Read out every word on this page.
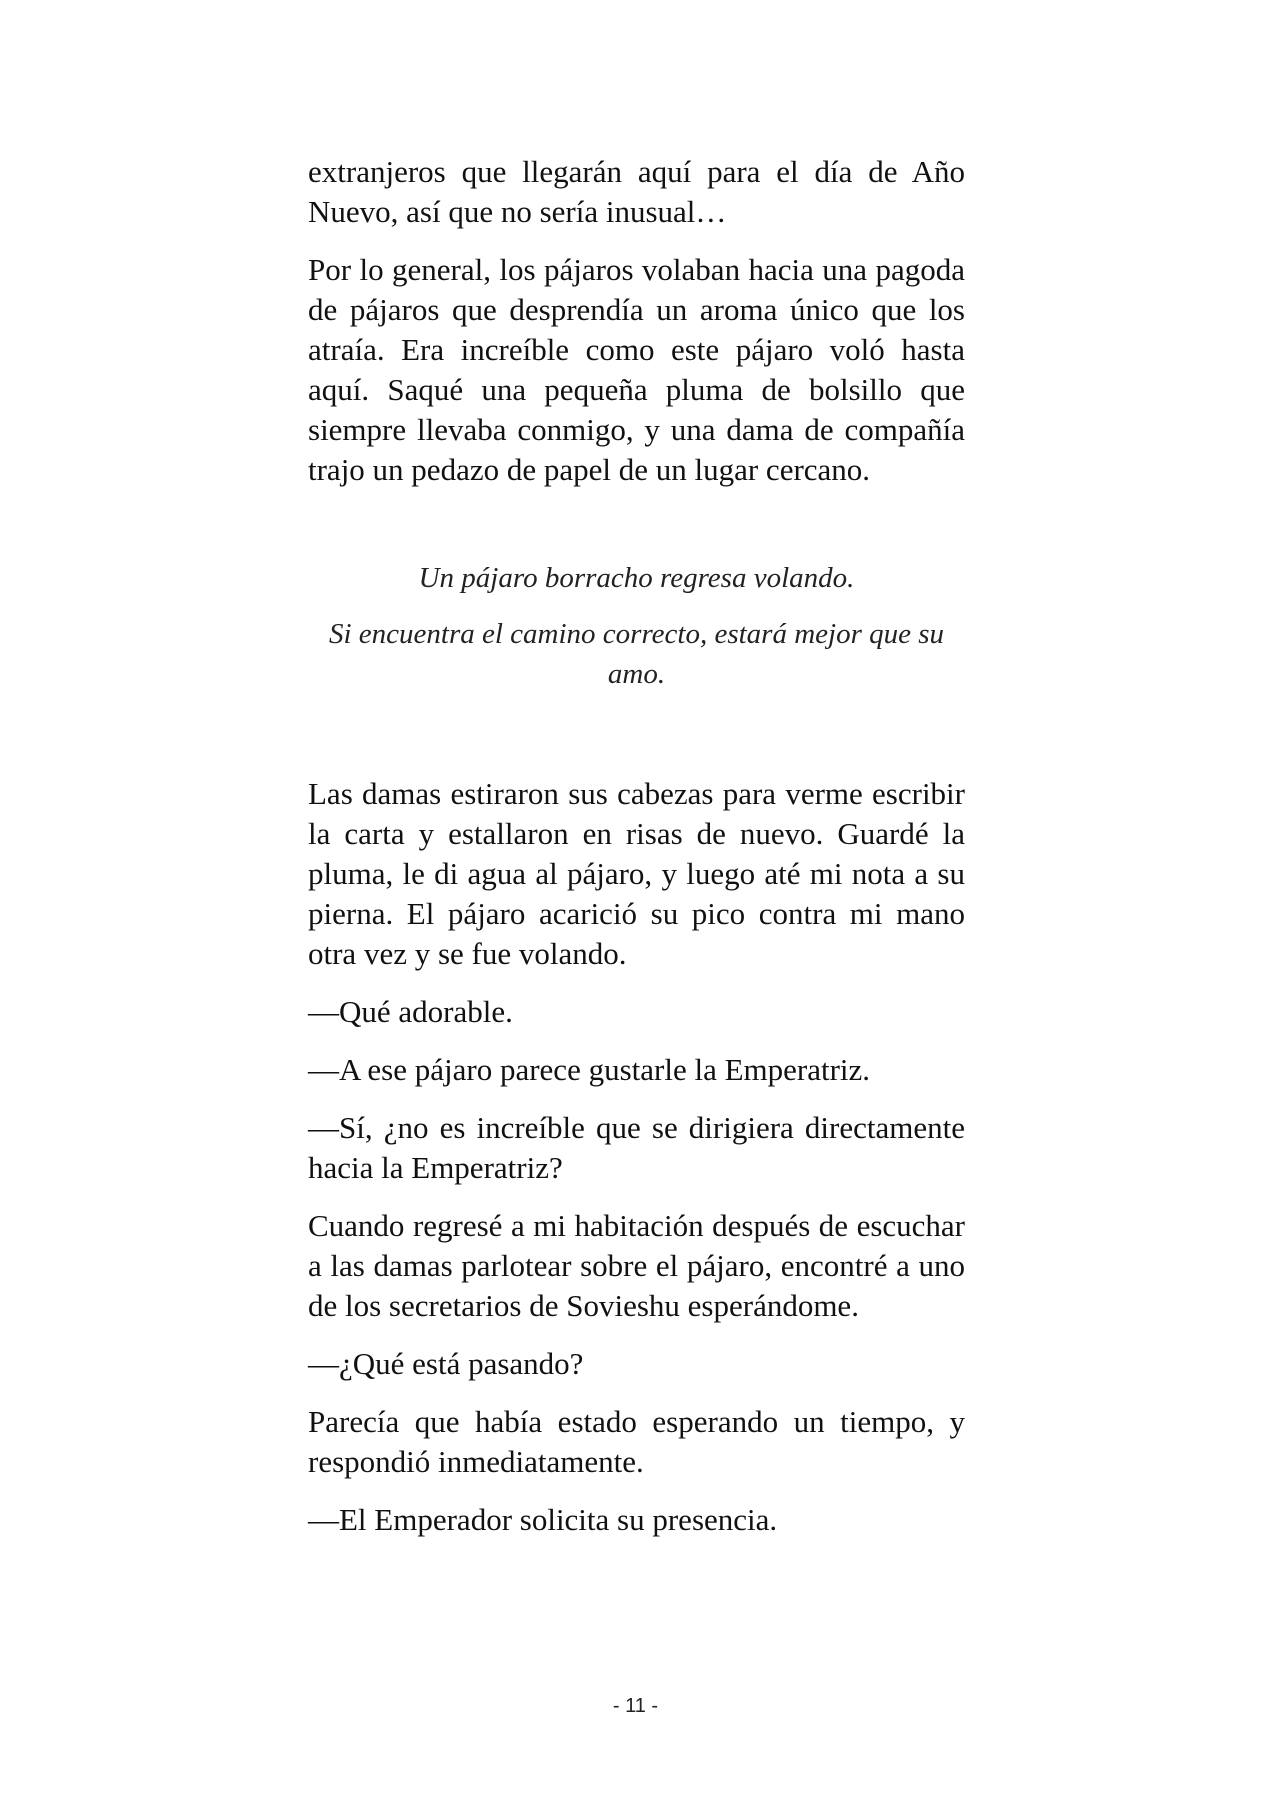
extranjeros que llegarán aquí para el día de Año Nuevo, así que no sería inusual…

Por lo general, los pájaros volaban hacia una pagoda de pájaros que desprendía un aroma único que los atraía. Era increíble como este pájaro voló hasta aquí. Saqué una pequeña pluma de bolsillo que siempre llevaba conmigo, y una dama de compañía trajo un pedazo de papel de un lugar cercano.

Un pájaro borracho regresa volando.

Si encuentra el camino correcto, estará mejor que su amo.

Las damas estiraron sus cabezas para verme escribir la carta y estallaron en risas de nuevo. Guardé la pluma, le di agua al pájaro, y luego até mi nota a su pierna. El pájaro acarició su pico contra mi mano otra vez y se fue volando.

—Qué adorable.

—A ese pájaro parece gustarle la Emperatriz.

—Sí, ¿no es increíble que se dirigiera directamente hacia la Emperatriz?

Cuando regresé a mi habitación después de escuchar a las damas parlotear sobre el pájaro, encontré a uno de los secretarios de Sovieshu esperándome.

—¿Qué está pasando?

Parecía que había estado esperando un tiempo, y respondió inmediatamente.

—El Emperador solicita su presencia.

- 11 -
